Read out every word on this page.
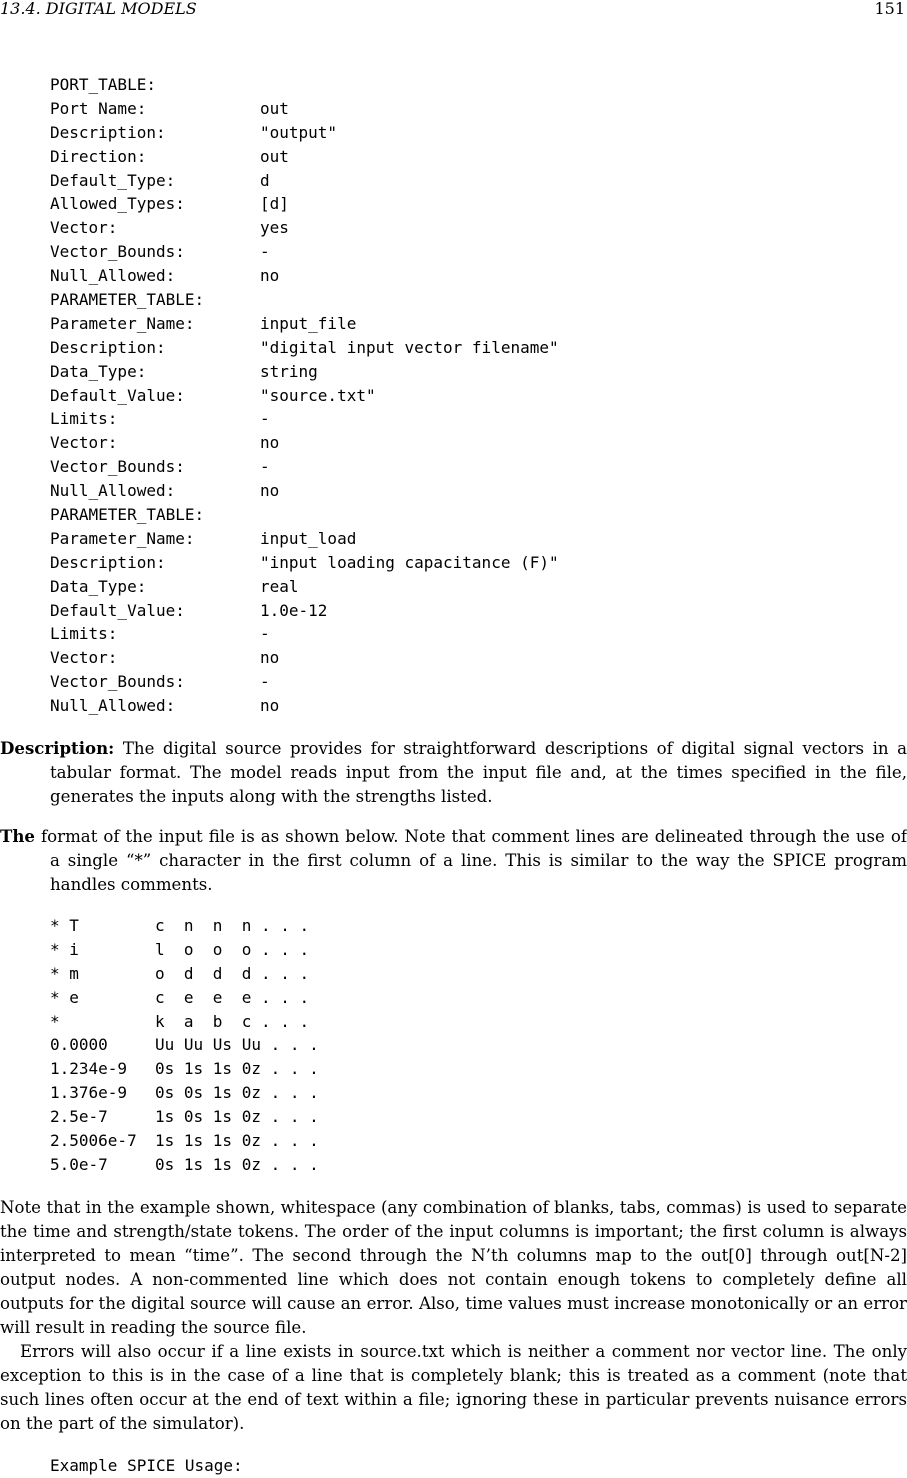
13.4. DIGITAL MODELS	151
PORT_TABLE:
Port Name:	out
Description:	"output"
Direction:	out
Default_Type:	d
Allowed_Types:	[d]
Vector:	yes
Vector_Bounds:	-
Null_Allowed:	no
PARAMETER_TABLE:
Parameter_Name:	input_file
Description:	"digital input vector filename"
Data_Type:	string
Default_Value:	"source.txt"
Limits:	-
Vector:	no
Vector_Bounds:	-
Null_Allowed:	no
PARAMETER_TABLE:
Parameter_Name:	input_load
Description:	"input loading capacitance (F)"
Data_Type:	real
Default_Value:	1.0e-12
Limits:	-
Vector:	no
Vector_Bounds:	-
Null_Allowed:	no
Description: The digital source provides for straightforward descriptions of digital signal vectors in a tabular format. The model reads input from the input file and, at the times specified in the file, generates the inputs along with the strengths listed.
The format of the input file is as shown below. Note that comment lines are delineated through the use of a single “*” character in the first column of a line. This is similar to the way the SPICE program handles comments.
* T	c  n  n  n . . .
* i	l  o  o  o . . .
* m	o  d  d  d . . .
* e	c  e  e  e . . .
*	k  a  b  c . . .
0.0000	Uu Uu Us Uu . . .
1.234e-9 0s 1s 1s 0z . . .
1.376e-9 0s 0s 1s 0z . . .
2.5e-7	1s 0s 1s 0z . . .
2.5006e-7 1s 1s 1s 0z . . .
5.0e-7	0s 1s 1s 0z . . .
Note that in the example shown, whitespace (any combination of blanks, tabs, commas) is used to separate the time and strength/state tokens. The order of the input columns is important; the first column is always interpreted to mean “time”. The second through the N’th columns map to the out[0] through out[N-2] output nodes. A non-commented line which does not contain enough tokens to completely define all outputs for the digital source will cause an error. Also, time values must increase monotonically or an error will result in reading the source file.
Errors will also occur if a line exists in source.txt which is neither a comment nor vector line. The only exception to this is in the case of a line that is completely blank; this is treated as a comment (note that such lines often occur at the end of text within a file; ignoring these in particular prevents nuisance errors on the part of the simulator).
Example SPICE Usage:
